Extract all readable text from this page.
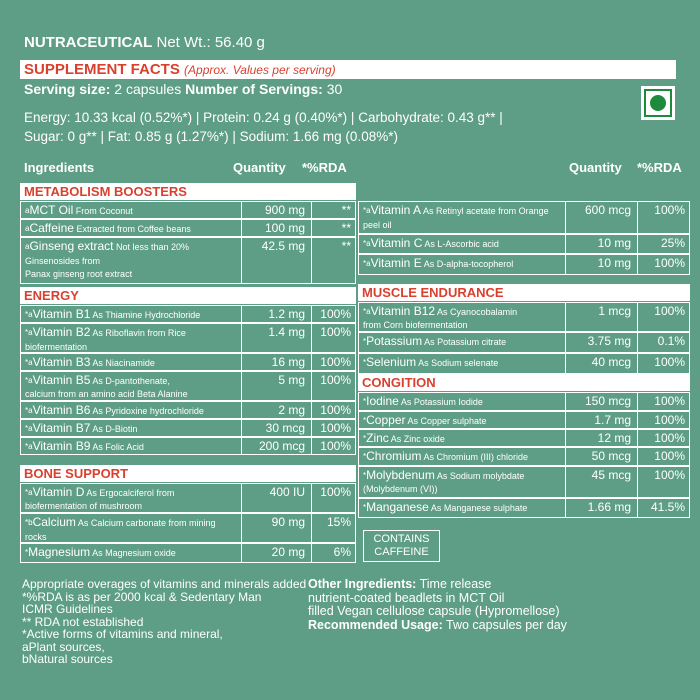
NUTRACEUTICAL Net Wt.: 56.40 g
SUPPLEMENT FACTS (Approx. Values per serving)
Serving size: 2 capsules Number of Servings: 30
Energy: 10.33 kcal (0.52%*) | Protein: 0.24 g (0.40%*) | Carbohydrate: 0.43 g** |
Sugar: 0 g** | Fat: 0.85 g (1.27%*) | Sodium: 1.66 mg (0.08%*)
Ingredients	Quantity *%RDA	Quantity *%RDA
METABOLISM BOOSTERS
ENERGY
BONE SUPPORT
MUSCLE ENDURANCE
CONGITION
$^a$MCT Oil From Coconut	900 mg	**
$^a$Caffeine Extracted from Coffee beans	100 mg	**
$^a$Ginseng extract Not less than 20% Ginsenosides from
Panax ginseng root extract
42.5 mg	**
$^{*a}$Vitamin B1 As Thiamine Hydrochloride	1.2 mg	100%
$^{*a}$Vitamin B2 As Riboflavin from Rice biofermentation
1.4 mg	100%
$^{*a}$Vitamin B3 As Niacinamide	16 mg	100%
$^{*a}$Vitamin B5 As D-pantothenate,
calcium from an amino acid Beta Alanine
5 mg	100%
$^{*a}$Vitamin B6 As Pyridoxine hydrochloride	2 mg	100%
$^{*a}$Vitamin B7 As D-Biotin	30 mcg	100%
$^{*a}$Vitamin B9 As Folic Acid	200 mcg	100%
$^{*a}$Vitamin D As Ergocalciferol from
biofermentation of mushroom
400 IU	100%
$^{*b}$Calcium As Calcium carbonate from mining rocks
90 mg	15%
*Magnesium As Magnesium oxide	20 mg	6%
$^{*a}$Vitamin A As Retinyl acetate from Orange peel oil
600 mcg	100%
$^{*a}$Vitamin C As L-Ascorbic acid	10 mg	25%
$^{*a}$Vitamin E As D-alpha-tocopherol	10 mg	100%
$^{*a}$Vitamin B12 As Cyanocobalamin
from Corn biofermentation
1 mcg	100%
*Potassium As Potassium citrate	3.75 mg	0.1%
*Selenium As Sodium selenate	40 mcg	100%
*Iodine As Potassium Iodide	150 mcg	100%
*Copper As Copper sulphate	1.7 mg	100%
*Zinc As Zinc oxide	12 mg	100%
*Chromium As Chromium (III) chloride	50 mcg	100%
*Molybdenum As Sodium molybdate
(Molybdenum (VI))
45 mcg	100%
*Manganese As Manganese sulphate	1.66 mg	41.5%
CONTAINS
CAFFEINE
Appropriate overages of vitamins and minerals added
*%RDA is as per 2000 kcal & Sedentary Man
ICMR Guidelines
** RDA not established
*Active forms of vitamins and mineral,
aPlant sources,
bNatural sources
Other Ingredients: Time release
nutrient-coated beadlets in MCT Oil
filled Vegan cellulose capsule (Hypromellose)
Recommended Usage: Two capsules per day
